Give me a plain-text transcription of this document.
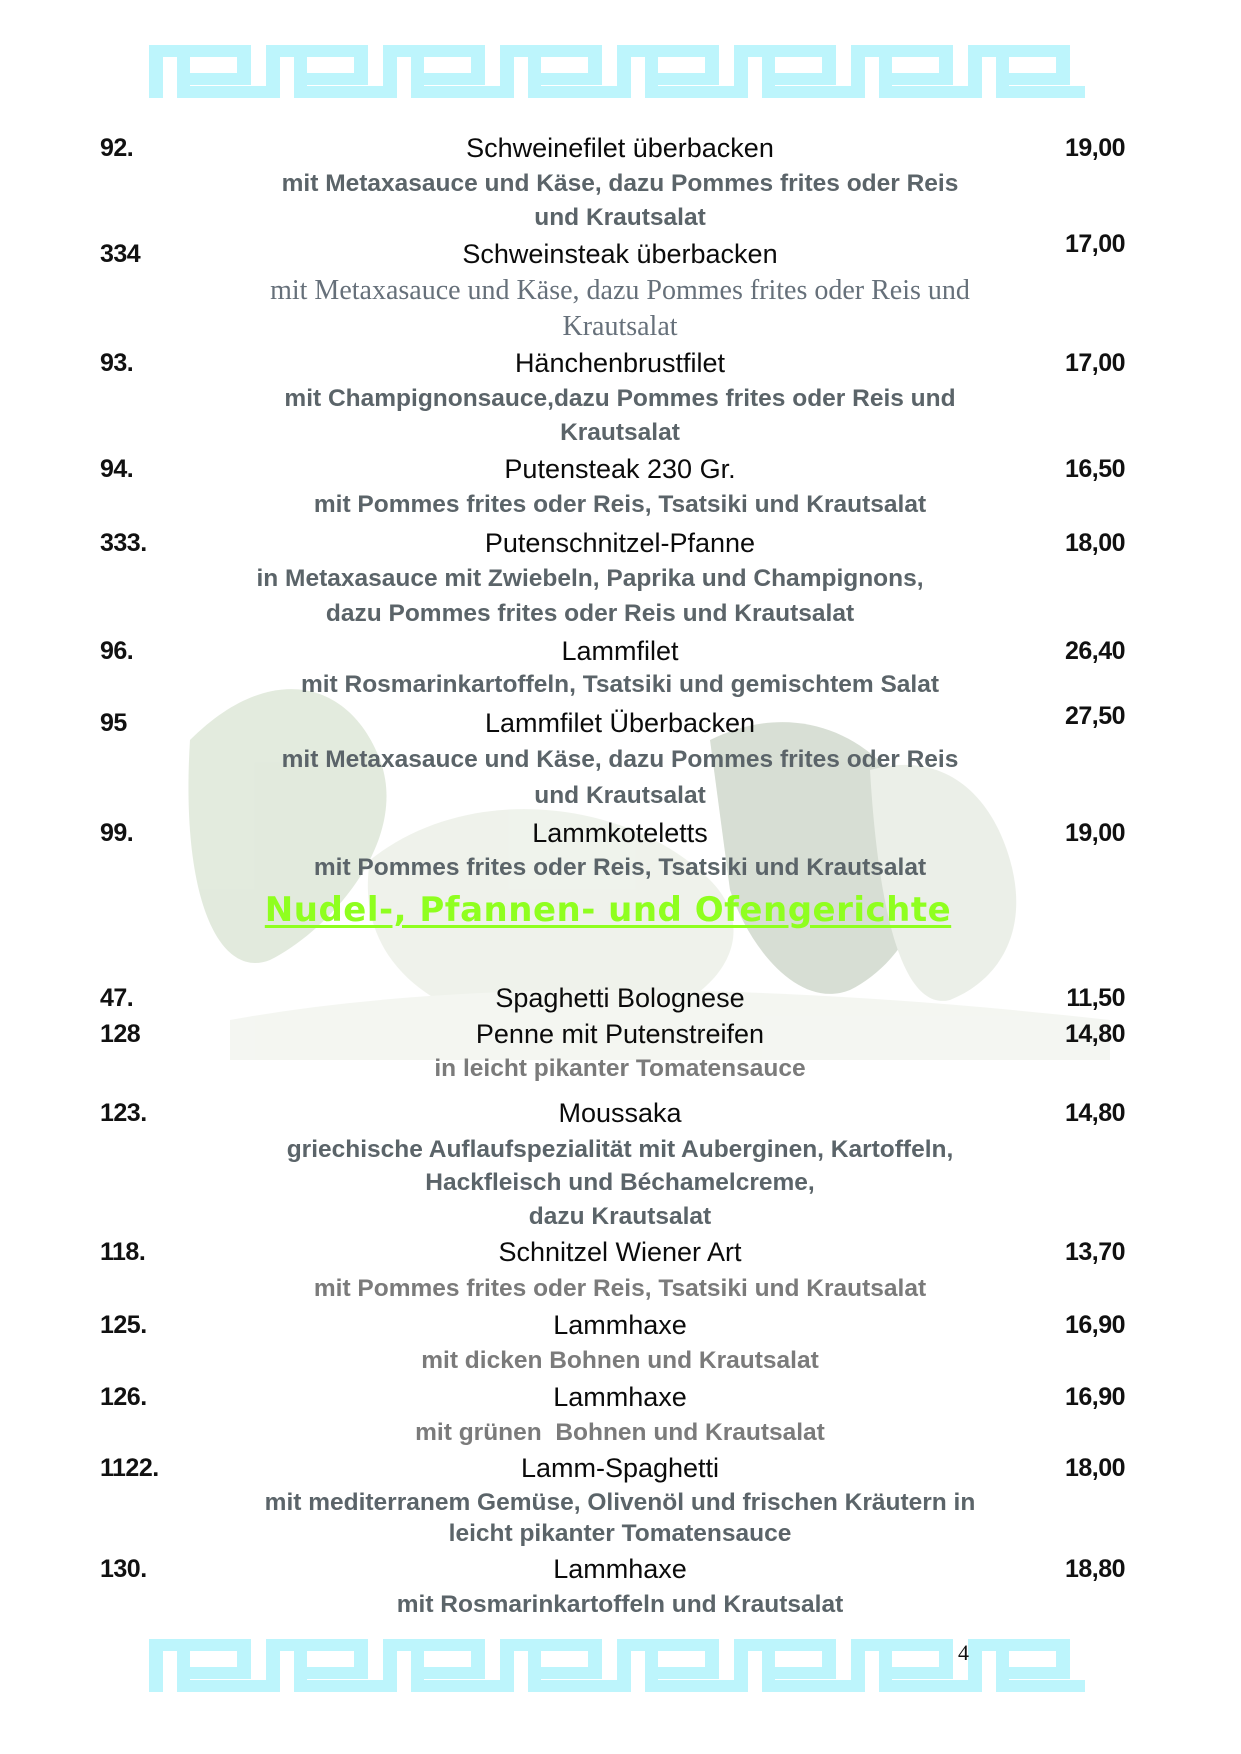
92.	Schweinefilet überbacken	19,00
mit Metaxasauce und Käse, dazu Pommes frites oder Reis
und Krautsalat
334	Schweinsteak überbacken	17,00
mit Metaxasauce und Käse, dazu Pommes frites oder Reis und
Krautsalat
93.	Hänchenbrustfilet	17,00
mit Champignonsauce,dazu Pommes frites oder Reis und
Krautsalat
94.	Putensteak 230 Gr.	16,50
mit Pommes frites oder Reis, Tsatsiki und Krautsalat
333.	Putenschnitzel-Pfanne	18,00
in Metaxasauce mit Zwiebeln, Paprika und Champignons,
dazu Pommes frites oder Reis und Krautsalat
96.	Lammfilet	26,40
mit Rosmarinkartoffeln, Tsatsiki und gemischtem Salat
95	Lammfilet Überbacken	27,50
mit Metaxasauce und Käse, dazu Pommes frites oder Reis
und Krautsalat
99.	Lammkoteletts	19,00
mit Pommes frites oder Reis, Tsatsiki und Krautsalat
Nudel-, Pfannen- und Ofengerichte
47.	Spaghetti Bolognese	11,50
128	Penne mit Putenstreifen	14,80
in leicht pikanter Tomatensauce
123.	Moussaka	14,80
griechische Auflaufspezialität mit Auberginen, Kartoffeln,
Hackfleisch und Béchamelcreme,
dazu Krautsalat
118.	Schnitzel Wiener Art	13,70
mit Pommes frites oder Reis, Tsatsiki und Krautsalat
125.	Lammhaxe	16,90
mit dicken Bohnen und Krautsalat
126.	Lammhaxe	16,90
mit grünen  Bohnen und Krautsalat
1122.	Lamm-Spaghetti	18,00
mit mediterranem Gemüse, Olivenöl und frischen Kräutern in
leicht pikanter Tomatensauce
130.	Lammhaxe	18,80
mit Rosmarinkartoffeln und Krautsalat
4
